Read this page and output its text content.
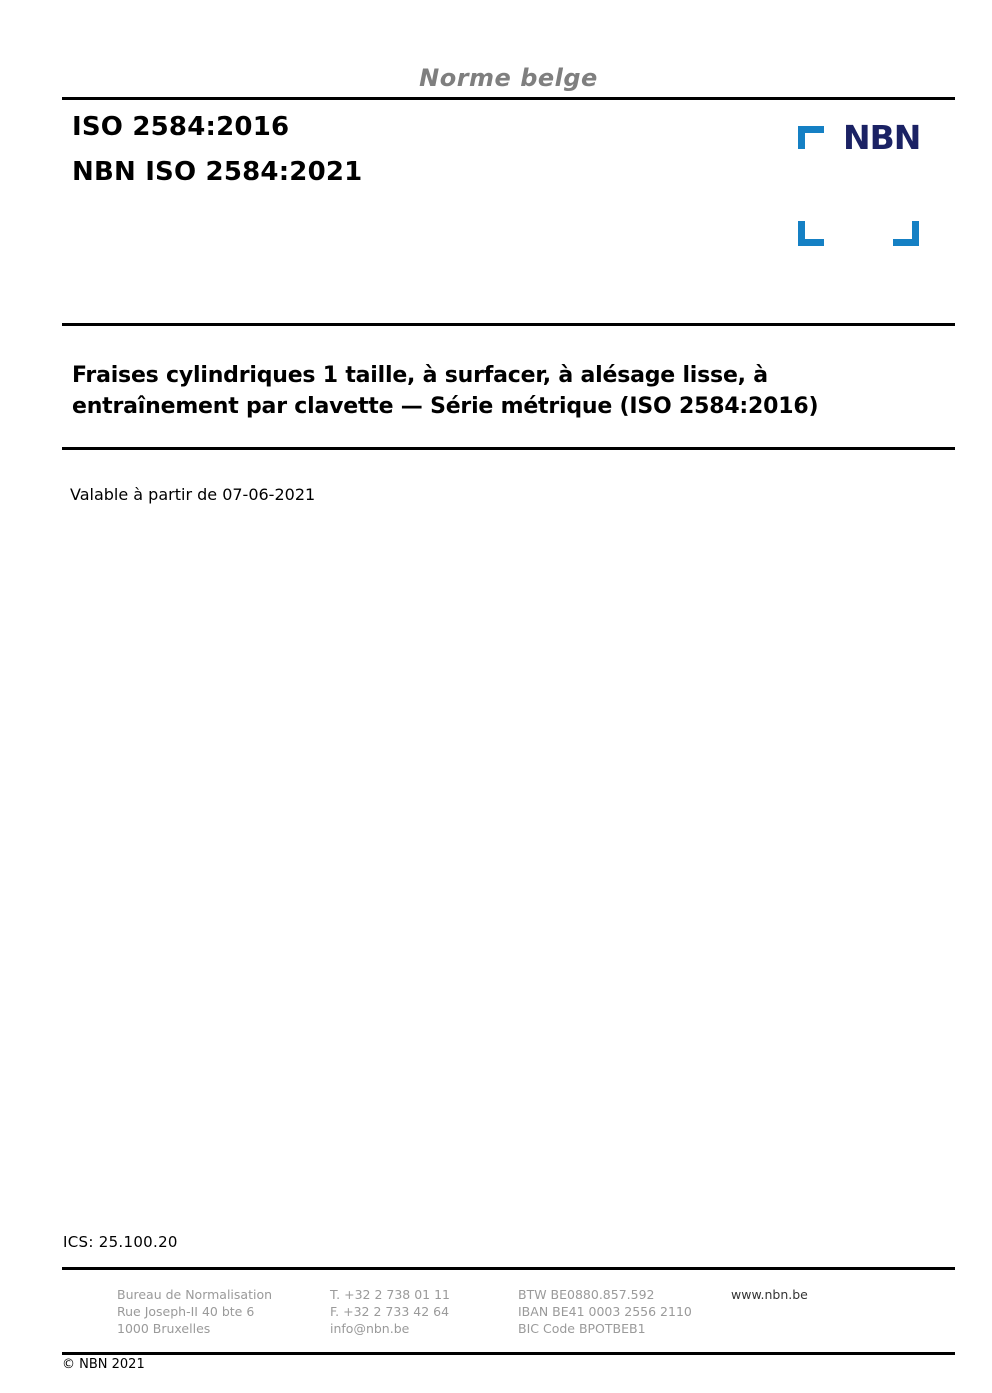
Norme belge
ISO 2584:2016
NBN ISO 2584:2021
NBN
Fraises cylindriques 1 taille, à surfacer, à alésage lisse, à
entraînement par clavette — Série métrique (ISO 2584:2016)
Valable à partir de 07-06-2021
ICS: 25.100.20
Bureau de Normalisation
Rue Joseph-II 40 bte 6
1000 Bruxelles
T. +32 2 738 01 11
F. +32 2 733 42 64
info@nbn.be
BTW BE0880.857.592
IBAN BE41 0003 2556 2110
BIC Code BPOTBEB1
www.nbn.be
© NBN 2021
